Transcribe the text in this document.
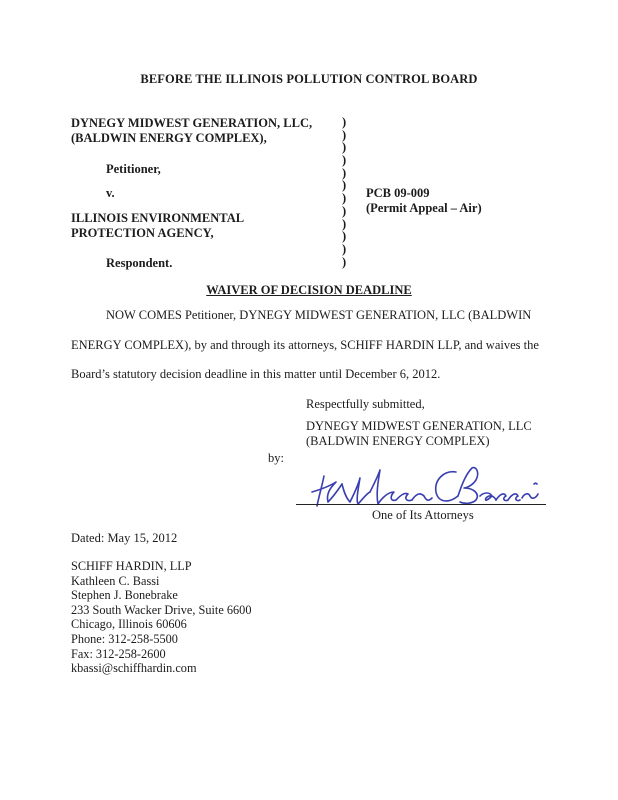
BEFORE THE ILLINOIS POLLUTION CONTROL BOARD
DYNEGY MIDWEST GENERATION, LLC,
(BALDWIN ENERGY COMPLEX),
Petitioner,
v.
ILLINOIS ENVIRONMENTAL
PROTECTION AGENCY,
Respondent.
)
)
)
)
)
)
)
)
)
)
)
)
PCB 09-009
(Permit Appeal – Air)
WAIVER OF DECISION DEADLINE
NOW COMES Petitioner, DYNEGY MIDWEST GENERATION, LLC (BALDWIN
ENERGY COMPLEX), by and through its attorneys, SCHIFF HARDIN LLP, and waives the
Board’s statutory decision deadline in this matter until December 6, 2012.
Respectfully submitted,
DYNEGY MIDWEST GENERATION, LLC
(BALDWIN ENERGY COMPLEX)
by:
One of Its Attorneys
Dated: May 15, 2012
SCHIFF HARDIN, LLP
Kathleen C. Bassi
Stephen J. Bonebrake
233 South Wacker Drive, Suite 6600
Chicago, Illinois 60606
Phone: 312-258-5500
Fax: 312-258-2600
kbassi@schiffhardin.com
